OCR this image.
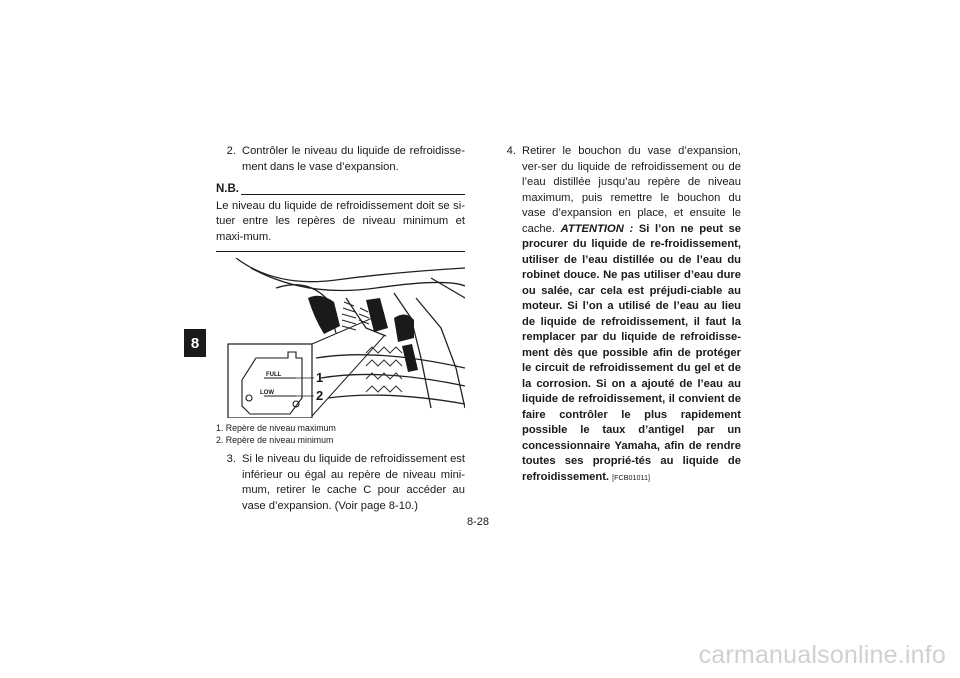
8
2. Contrôler le niveau du liquide de refroidisse-ment dans le vase d’expansion.
N.B.
Le niveau du liquide de refroidissement doit se si-tuer entre les repères de niveau minimum et maxi-mum.
FULL
LOW
1
2
1. Repère de niveau maximum
2. Repère de niveau minimum
3. Si le niveau du liquide de refroidissement est inférieur ou égal au repère de niveau mini-mum, retirer le cache C pour accéder au vase d’expansion. (Voir page 8-10.)
4. Retirer le bouchon du vase d’expansion, ver-ser du liquide de refroidissement ou de l’eau distillée jusqu’au repère de niveau maximum, puis remettre le bouchon du vase d’expansion en place, et ensuite le cache. ATTENTION : Si l’on ne peut se procurer du liquide de re-froidissement, utiliser de l’eau distillée ou de l’eau du robinet douce. Ne pas utiliser d’eau dure ou salée, car cela est préjudi-ciable au moteur. Si l’on a utilisé de l’eau au lieu de liquide de refroidissement, il faut la remplacer par du liquide de refroidisse-ment dès que possible afin de protéger le circuit de refroidissement du gel et de la corrosion. Si on a ajouté de l’eau au liquide de refroidissement, il convient de faire contrôler le plus rapidement possible le taux d’antigel par un concessionnaire Yamaha, afin de rendre toutes ses proprié-tés au liquide de refroidissement. [FCB01011]
8-28
carmanualsonline.info
